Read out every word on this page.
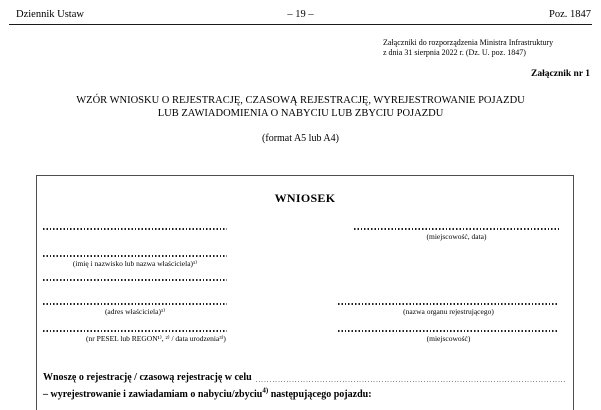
Dziennik Ustaw	– 19 –	Poz. 1847
Załączniki do rozporządzenia Ministra Infrastruktury
z dnia 31 sierpnia 2022 r. (Dz. U. poz. 1847)
Załącznik nr 1
WZÓR WNIOSKU O REJESTRACJĘ, CZASOWĄ REJESTRACJĘ, WYREJESTROWANIE POJAZDU
LUB ZAWIADOMIENIA O NABYCIU LUB ZBYCIU POJAZDU
(format A5 lub A4)
WNIOSEK
(miejscowość, data)
(imię i nazwisko lub nazwa właściciela)¹⁾
(adres właściciela)¹⁾	(nazwa organu rejestrującego)
(nr PESEL lub REGON¹⁾, ²⁾ / data urodzenia³⁾)	(miejscowość)
Wnoszę o rejestrację / czasową rejestrację w celu
– wyrejestrowanie i zawiadamiam o nabyciu/zbyciu$^{4)}$ następującego pojazdu:
